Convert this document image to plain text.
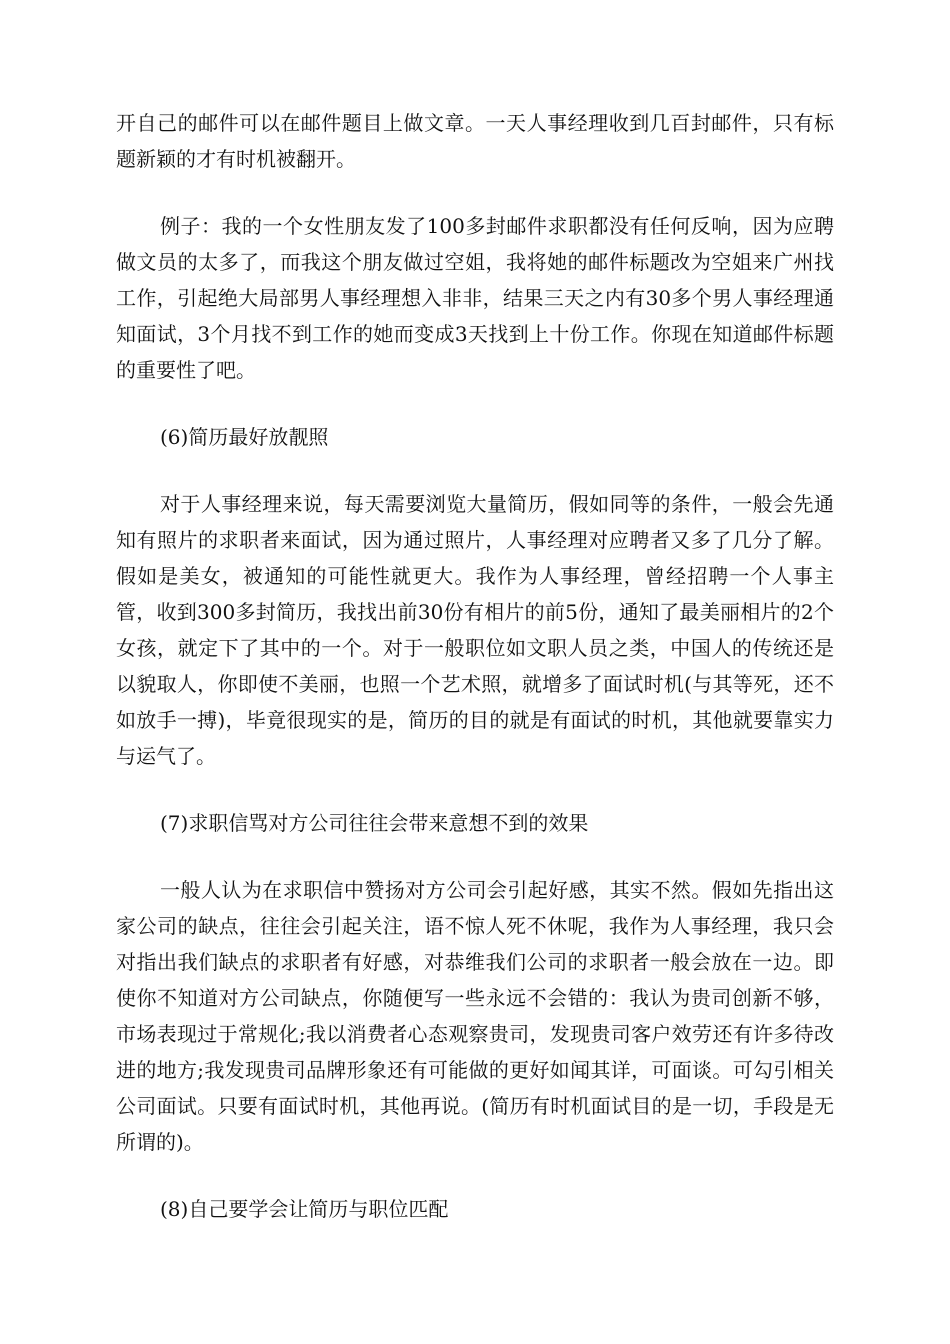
开自己的邮件可以在邮件题目上做文章。一天人事经理收到几百封邮件，只有标题新颖的才有时机被翻开。

例子：我的一个女性朋友发了100多封邮件求职都没有任何反响，因为应聘做文员的太多了，而我这个朋友做过空姐，我将她的邮件标题改为空姐来广州找工作，引起绝大局部男人事经理想入非非，结果三天之内有30多个男人事经理通知面试，3个月找不到工作的她而变成3天找到上十份工作。你现在知道邮件标题的重要性了吧。

(6)简历最好放靓照

对于人事经理来说，每天需要浏览大量简历，假如同等的条件，一般会先通知有照片的求职者来面试，因为通过照片，人事经理对应聘者又多了几分了解。假如是美女，被通知的可能性就更大。我作为人事经理，曾经招聘一个人事主管，收到300多封简历，我找出前30份有相片的前5份，通知了最美丽相片的2个女孩，就定下了其中的一个。对于一般职位如文职人员之类，中国人的传统还是以貌取人，你即使不美丽，也照一个艺术照，就增多了面试时机(与其等死，还不如放手一搏)，毕竟很现实的是，简历的目的就是有面试的时机，其他就要靠实力与运气了。

(7)求职信骂对方公司往往会带来意想不到的效果

一般人认为在求职信中赞扬对方公司会引起好感，其实不然。假如先指出这家公司的缺点，往往会引起关注，语不惊人死不休呢，我作为人事经理，我只会对指出我们缺点的求职者有好感，对恭维我们公司的求职者一般会放在一边。即使你不知道对方公司缺点，你随便写一些永远不会错的：我认为贵司创新不够，市场表现过于常规化;我以消费者心态观察贵司，发现贵司客户效劳还有许多待改进的地方;我发现贵司品牌形象还有可能做的更好如闻其详，可面谈。可勾引相关公司面试。只要有面试时机，其他再说。(简历有时机面试目的是一切，手段是无所谓的)。

(8)自己要学会让简历与职位匹配
